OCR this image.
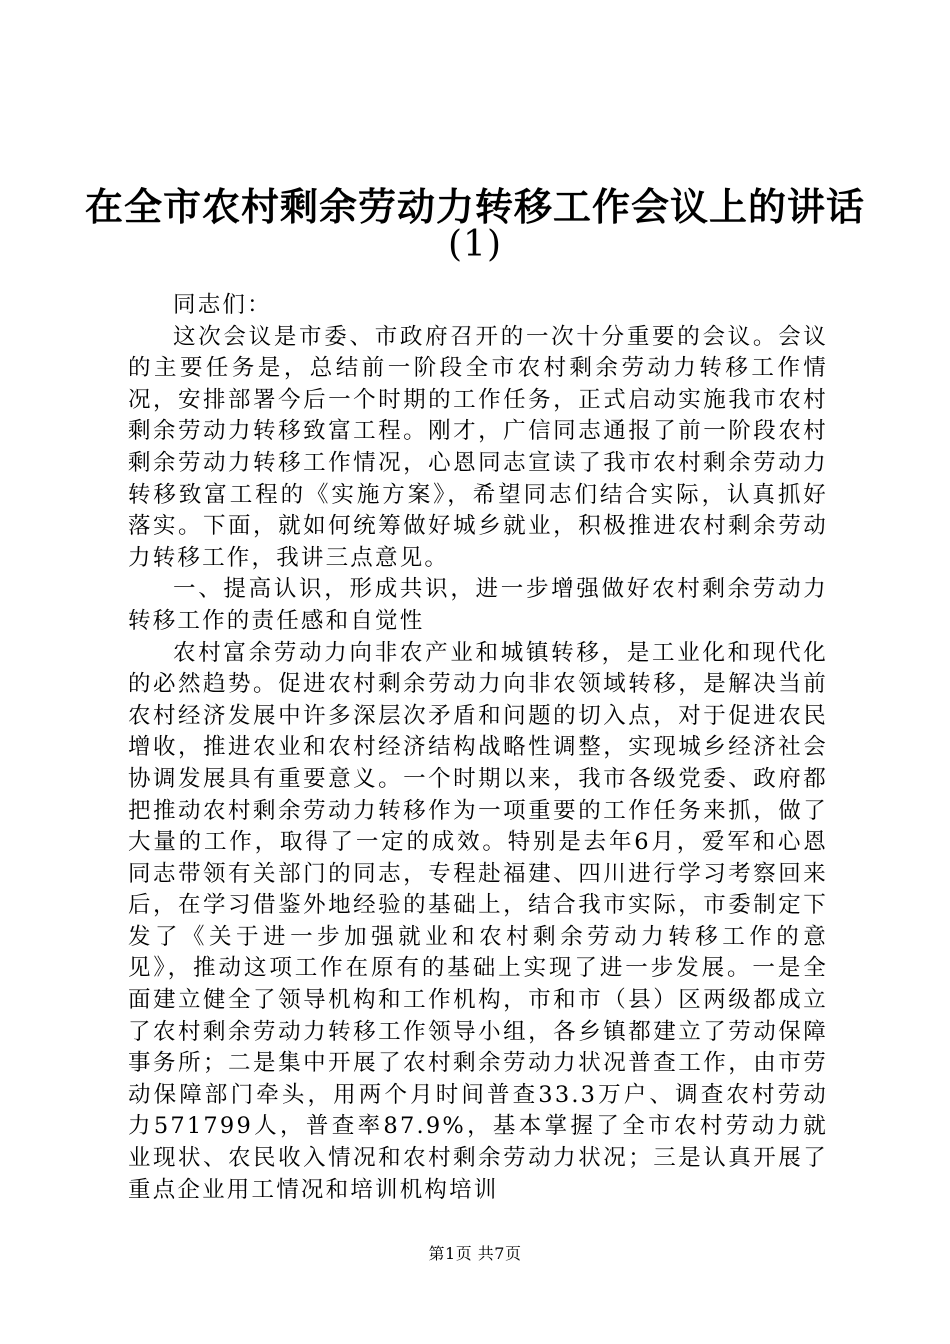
在全市农村剩余劳动力转移工作会议上的讲话
(1)

同志们：

这次会议是市委、市政府召开的一次十分重要的会议。会议的主要任务是，总结前一阶段全市农村剩余劳动力转移工作情况，安排部署今后一个时期的工作任务，正式启动实施我市农村剩余劳动力转移致富工程。刚才，广信同志通报了前一阶段农村剩余劳动力转移工作情况，心恩同志宣读了我市农村剩余劳动力转移致富工程的《实施方案》，希望同志们结合实际，认真抓好落实。下面，就如何统筹做好城乡就业，积极推进农村剩余劳动力转移工作，我讲三点意见。

一、提高认识，形成共识，进一步增强做好农村剩余劳动力转移工作的责任感和自觉性

农村富余劳动力向非农产业和城镇转移，是工业化和现代化的必然趋势。促进农村剩余劳动力向非农领域转移，是解决当前农村经济发展中许多深层次矛盾和问题的切入点，对于促进农民增收，推进农业和农村经济结构战略性调整，实现城乡经济社会协调发展具有重要意义。一个时期以来，我市各级党委、政府都把推动农村剩余劳动力转移作为一项重要的工作任务来抓，做了大量的工作，取得了一定的成效。特别是去年6月，爱军和心恩同志带领有关部门的同志，专程赴福建、四川进行学习考察回来后，在学习借鉴外地经验的基础上，结合我市实际，市委制定下发了《关于进一步加强就业和农村剩余劳动力转移工作的意见》，推动这项工作在原有的基础上实现了进一步发展。一是全面建立健全了领导机构和工作机构，市和市（县）区两级都成立了农村剩余劳动力转移工作领导小组，各乡镇都建立了劳动保障事务所；二是集中开展了农村剩余劳动力状况普查工作，由市劳动保障部门牵头，用两个月时间普查33.3万户、调查农村劳动力571799人，普查率87.9%，基本掌握了全市农村劳动力就业现状、农民收入情况和农村剩余劳动力状况；三是认真开展了重点企业用工情况和培训机构培训

第1页 共7页
